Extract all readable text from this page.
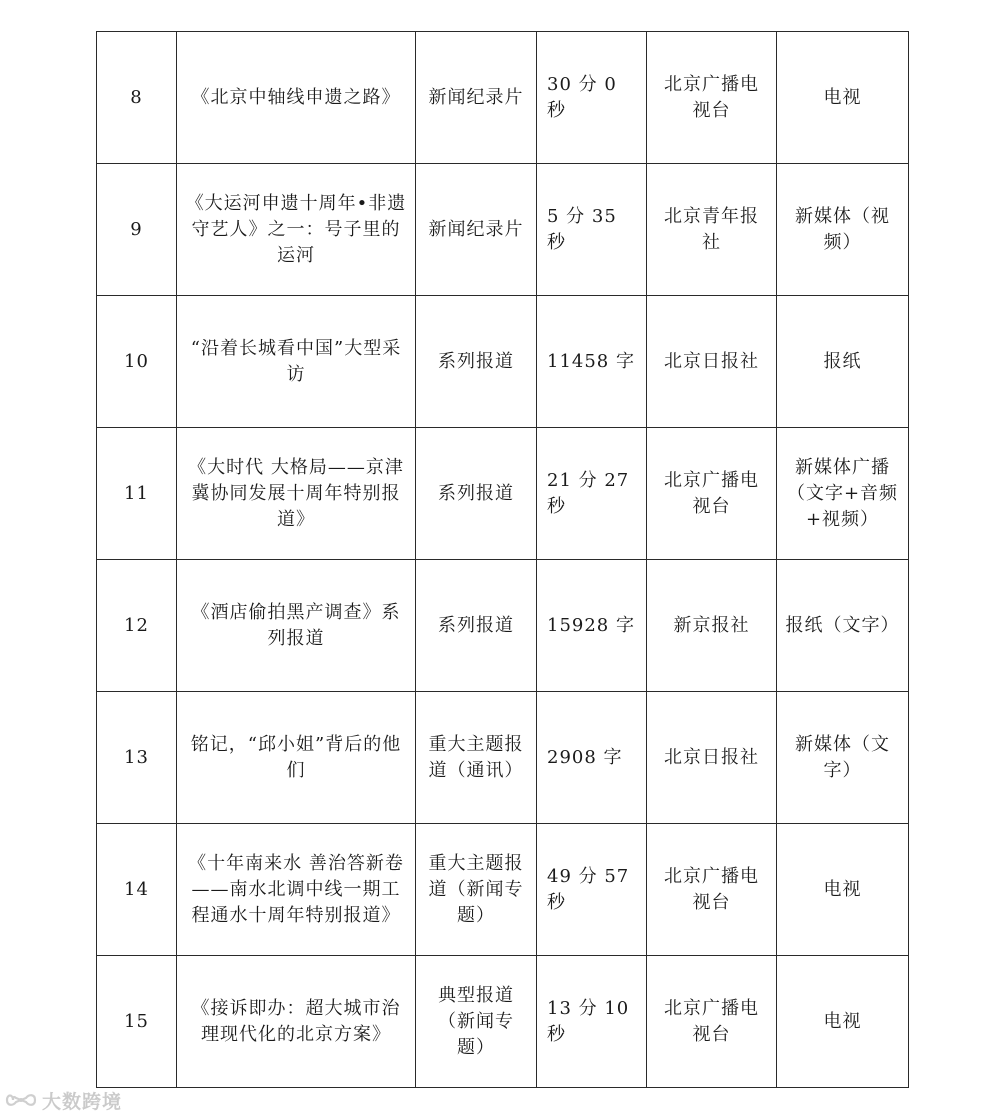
8	《北京中轴线申遗之路》	新闻纪录片	30 分 0 秒	北京广播电视台	电视
9	《大运河申遗十周年•非遗守艺人》之一：号子里的运河	新闻纪录片	5 分 35 秒	北京青年报社	新媒体（视频）
10	“沿着长城看中国”大型采访	系列报道	11458 字	北京日报社	报纸
11	《大时代 大格局——京津冀协同发展十周年特别报道》	系列报道	21 分 27 秒	北京广播电视台	新媒体广播（文字+音频+视频）
12	《酒店偷拍黑产调查》系列报道	系列报道	15928 字	新京报社	报纸（文字）
13	铭记，“邱小姐”背后的他们	重大主题报道（通讯）	2908 字	北京日报社	新媒体（文字）
14	《十年南来水 善治答新卷——南水北调中线一期工程通水十周年特别报道》	重大主题报道（新闻专题）	49 分 57 秒	北京广播电视台	电视
15	《接诉即办：超大城市治理现代化的北京方案》	典型报道（新闻专题）	13 分 10 秒	北京广播电视台	电视
大数跨境
